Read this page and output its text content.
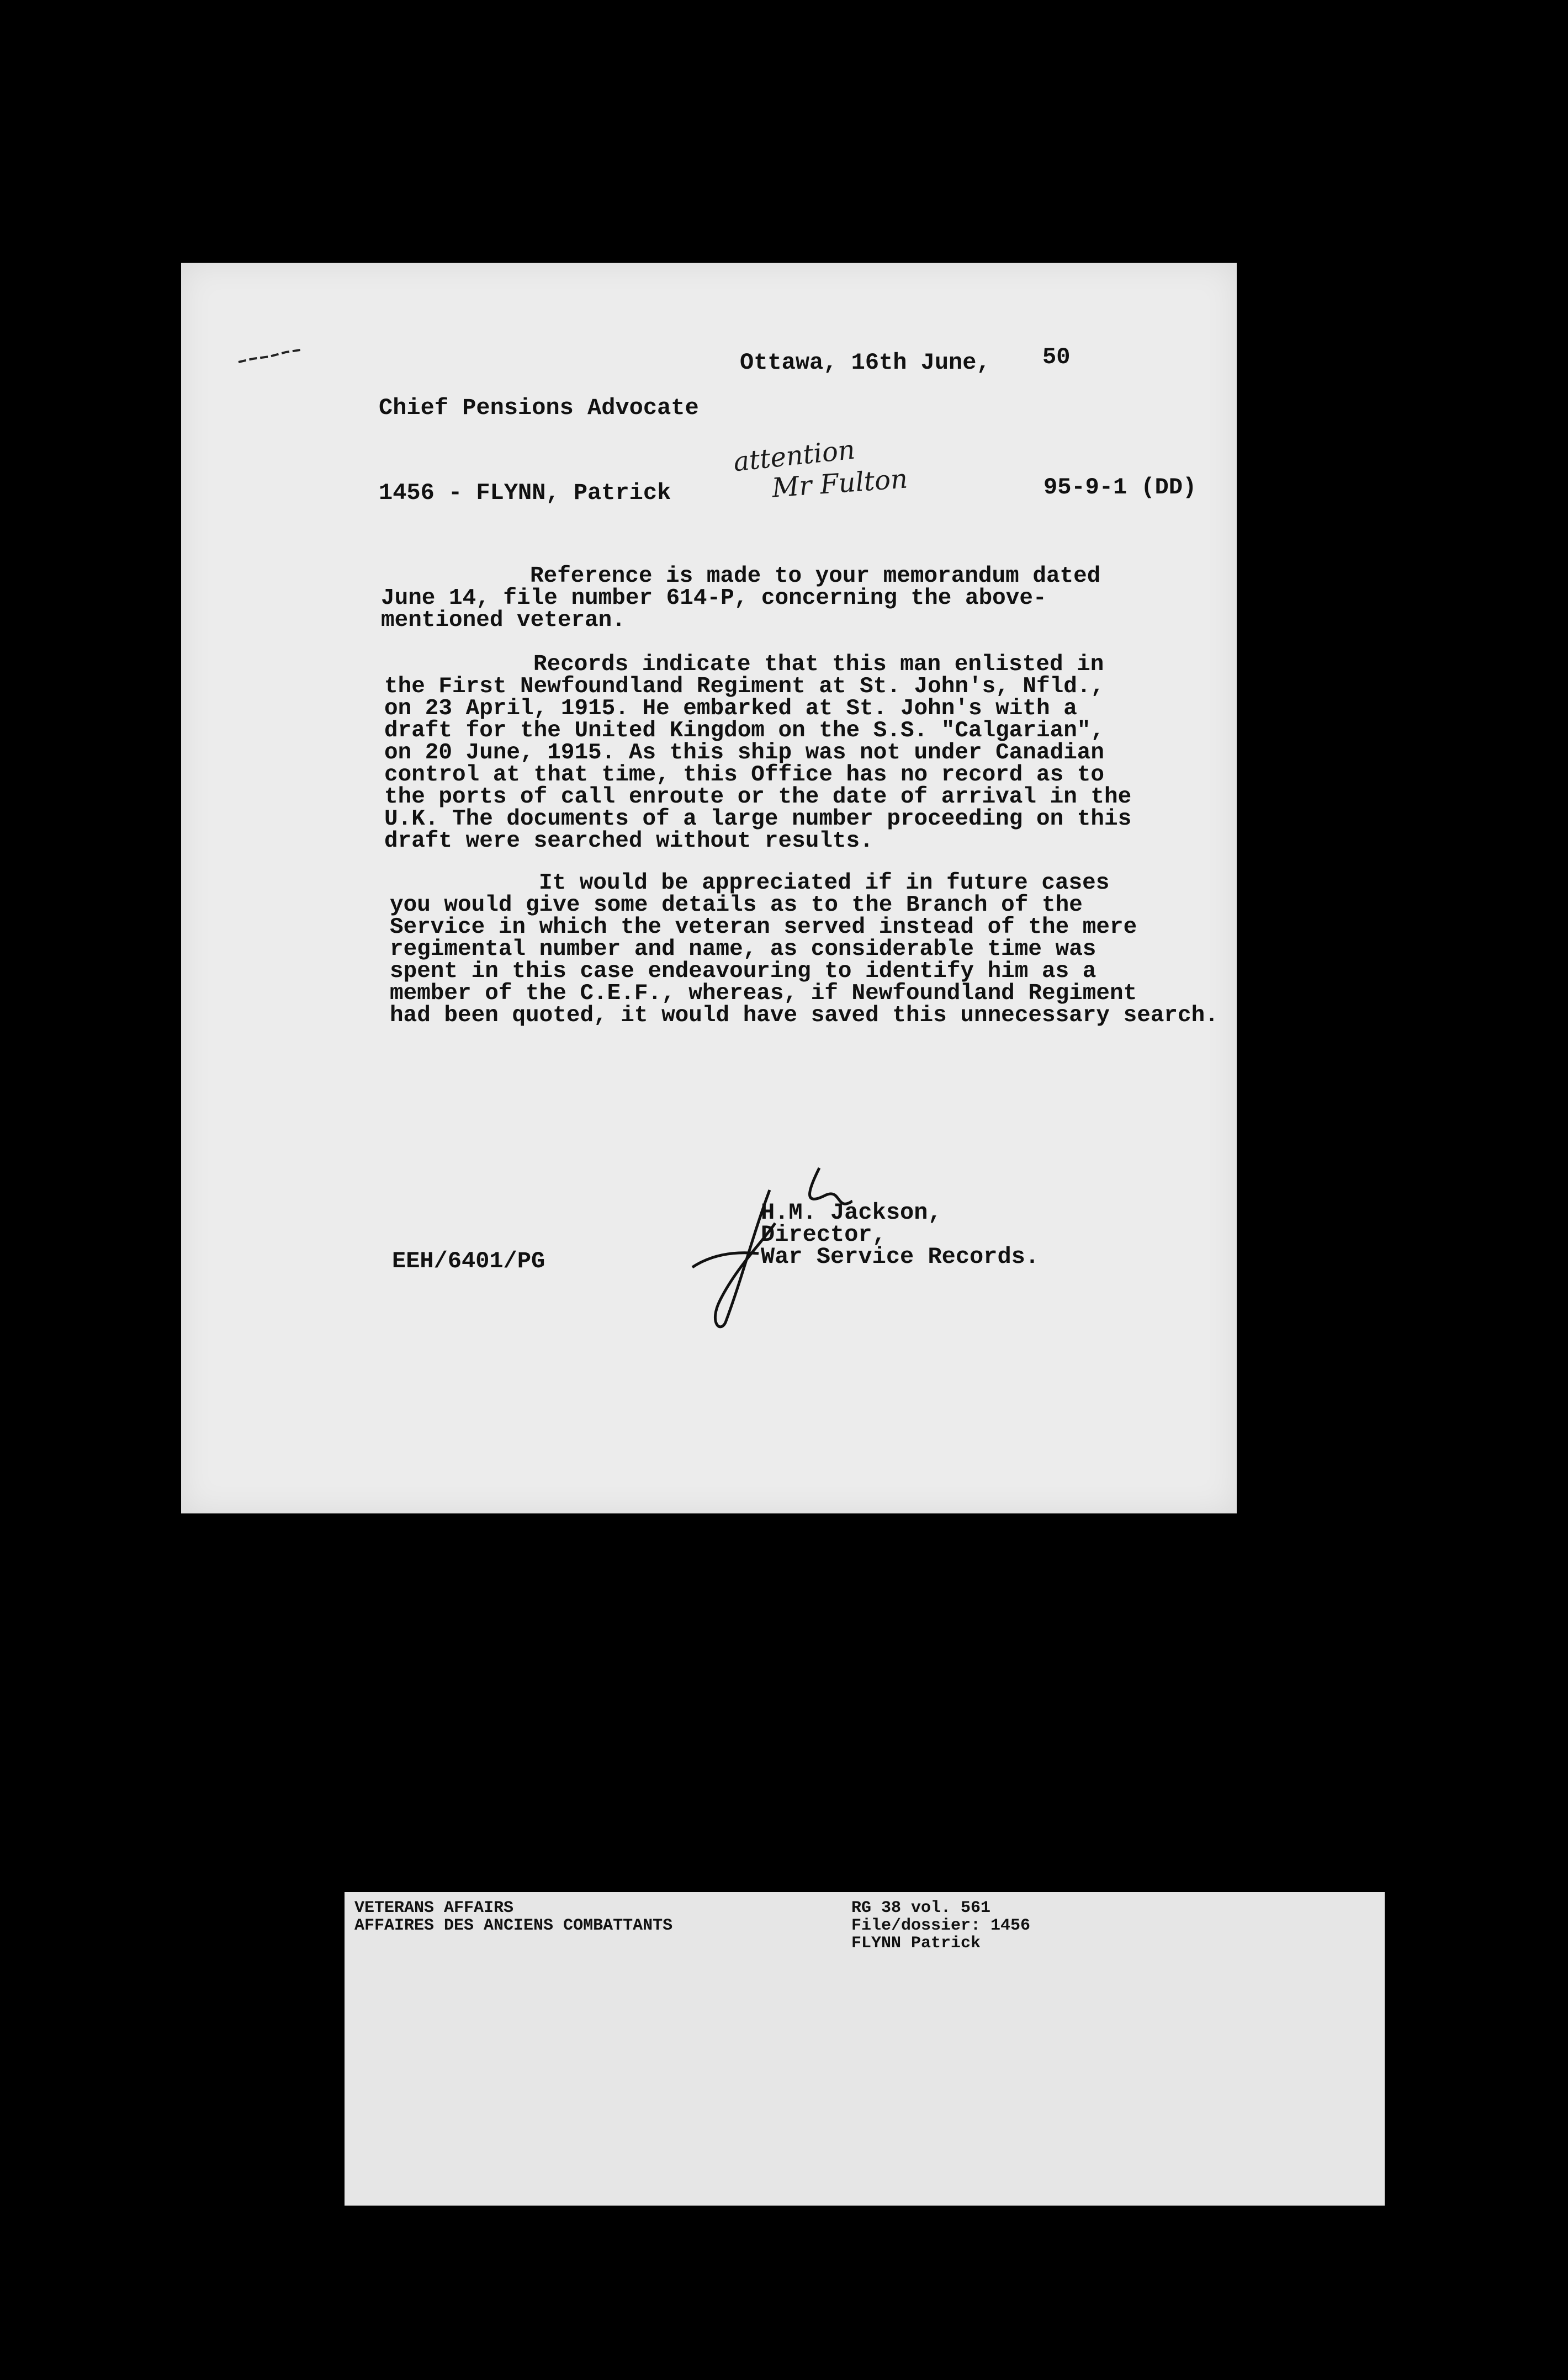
Ottawa, 16th June, 50
Chief Pensions Advocate
1456 - FLYNN, Patrick
attention
Mr Fulton	95-9-1 (DD)
Reference is made to your memorandum dated
June 14, file number 614-P, concerning the above-
mentioned veteran.
Records indicate that this man enlisted in
the First Newfoundland Regiment at St. John's, Nfld.,
on 23 April, 1915. He embarked at St. John's with a
draft for the United Kingdom on the S.S. "Calgarian",
on 20 June, 1915. As this ship was not under Canadian
control at that time, this Office has no record as to
the ports of call enroute or the date of arrival in the
U.K. The documents of a large number proceeding on this
draft were searched without results.
It would be appreciated if in future cases
you would give some details as to the Branch of the
Service in which the veteran served instead of the mere
regimental number and name, as considerable time was
spent in this case endeavouring to identify him as a
member of the C.E.F., whereas, if Newfoundland Regiment
had been quoted, it would have saved this unnecessary search.
H.M. Jackson,
Director,
War Service Records.
EEH/6401/PG
VETERANS AFFAIRS
AFFAIRES DES ANCIENS COMBATTANTS
RG 38 vol. 561
File/dossier: 1456
FLYNN Patrick
